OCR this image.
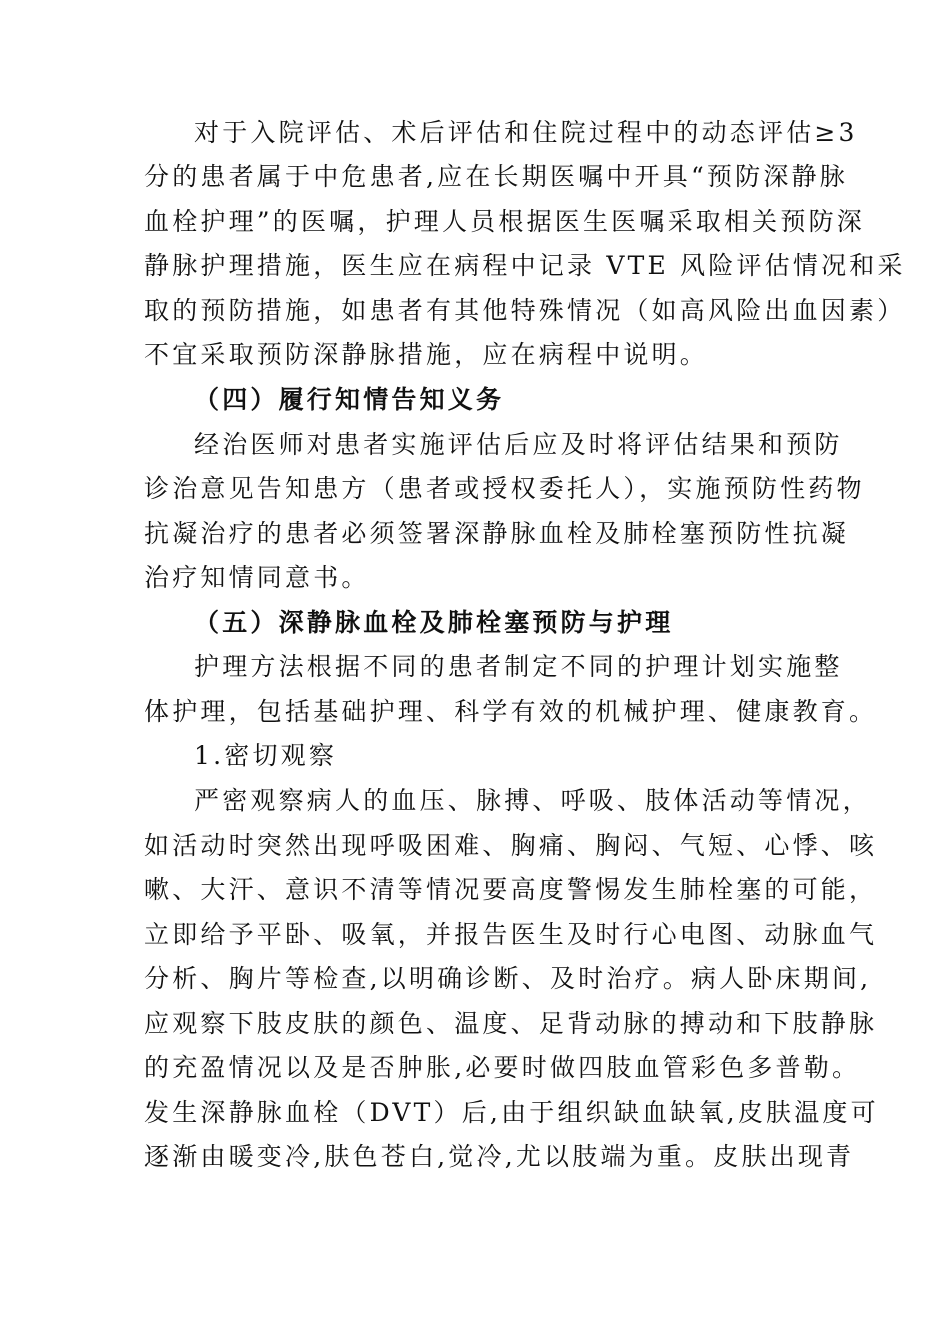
对于入院评估、术后评估和住院过程中的动态评估≥3
分的患者属于中危患者,应在长期医嘱中开具“预防深静脉
血栓护理”的医嘱，护理人员根据医生医嘱采取相关预防深
静脉护理措施，医生应在病程中记录 VTE 风险评估情况和采
取的预防措施，如患者有其他特殊情况（如高风险出血因素）
不宜采取预防深静脉措施，应在病程中说明。
（四）履行知情告知义务
经治医师对患者实施评估后应及时将评估结果和预防
诊治意见告知患方（患者或授权委托人），实施预防性药物
抗凝治疗的患者必须签署深静脉血栓及肺栓塞预防性抗凝
治疗知情同意书。
（五）深静脉血栓及肺栓塞预防与护理
护理方法根据不同的患者制定不同的护理计划实施整
体护理，包括基础护理、科学有效的机械护理、健康教育。
1.密切观察
严密观察病人的血压、脉搏、呼吸、肢体活动等情况，
如活动时突然出现呼吸困难、胸痛、胸闷、气短、心悸、咳
嗽、大汗、意识不清等情况要高度警惕发生肺栓塞的可能，
立即给予平卧、吸氧，并报告医生及时行心电图、动脉血气
分析、胸片等检查,以明确诊断、及时治疗。病人卧床期间,
应观察下肢皮肤的颜色、温度、足背动脉的搏动和下肢静脉
的充盈情况以及是否肿胀,必要时做四肢血管彩色多普勒。
发生深静脉血栓（DVT）后,由于组织缺血缺氧,皮肤温度可
逐渐由暖变冷,肤色苍白,觉冷,尤以肢端为重。皮肤出现青
